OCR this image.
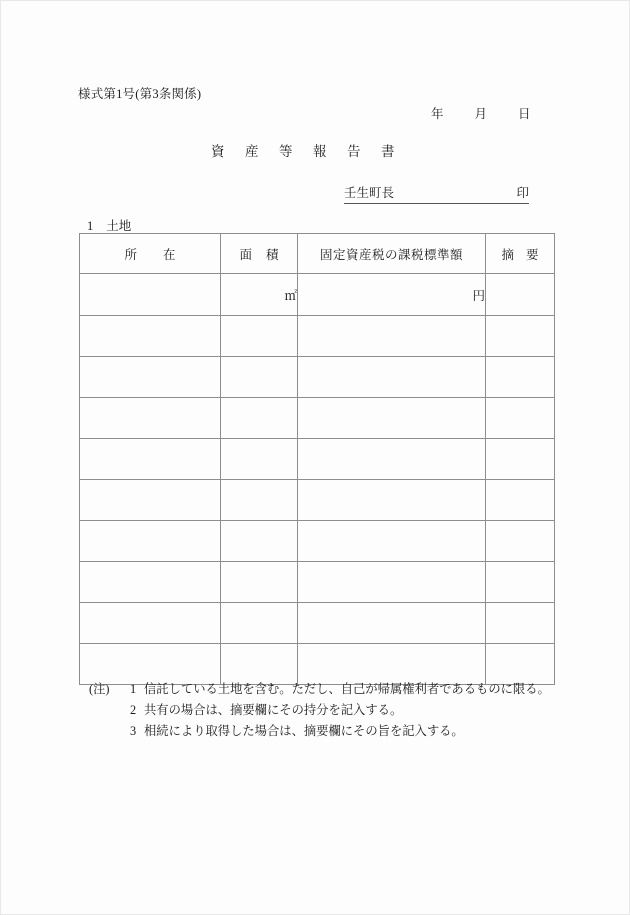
様式第1号(第3条関係)
年 月 日
資産等報告書
壬生町長	印
1 土地
所在	面積	固定資産税の課税標準額	摘要
	㎡	円	

(注)	1 信託している土地を含む。ただし、自己が帰属権利者であるものに限る。
2 共有の場合は、摘要欄にその持分を記入する。
3 相続により取得した場合は、摘要欄にその旨を記入する。
